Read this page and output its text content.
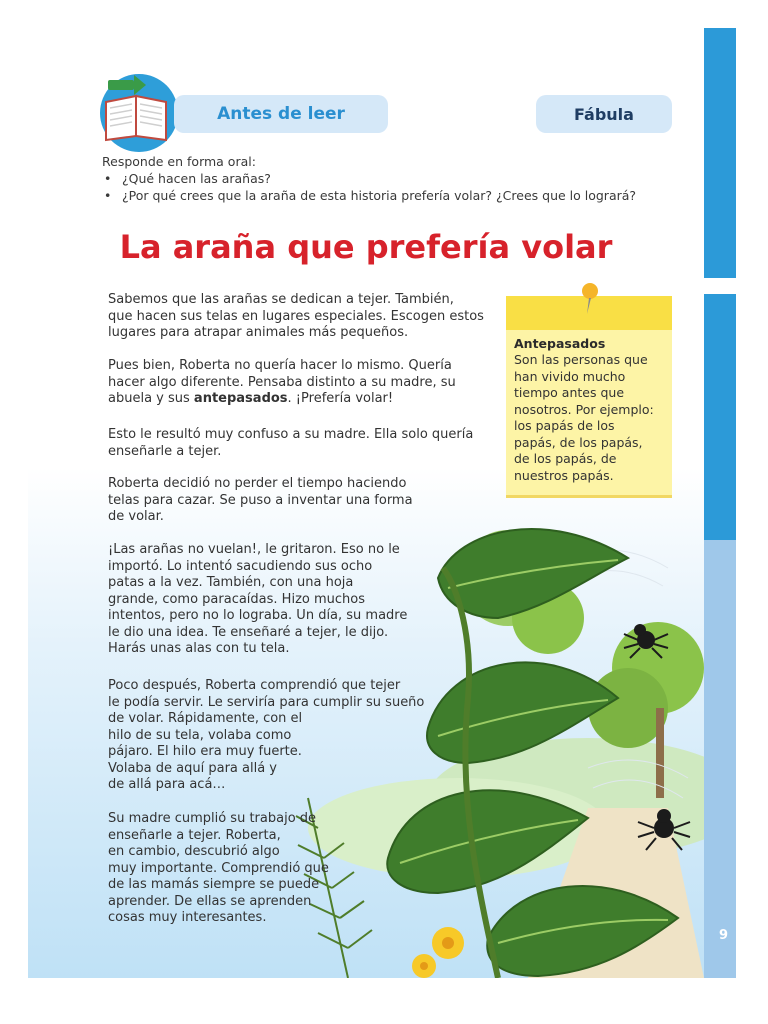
9
Antes de leer	Fábula
Responde en forma oral:
• ¿Qué hacen las arañas?
• ¿Por qué crees que la araña de esta historia prefería volar? ¿Crees que lo logrará?
La araña que prefería volar
Sabemos que las arañas se dedican a tejer. También,
que hacen sus telas en lugares especiales. Escogen estos
lugares para atrapar animales más pequeños.
Pues bien, Roberta no quería hacer lo mismo. Quería
hacer algo diferente. Pensaba distinto a su madre, su
abuela y sus antepasados. ¡Prefería volar!
Esto le resultó muy confuso a su madre. Ella solo quería
enseñarle a tejer.
Roberta decidió no perder el tiempo haciendo
telas para cazar. Se puso a inventar una forma
de volar.
¡Las arañas no vuelan!, le gritaron. Eso no le
importó. Lo intentó sacudiendo sus ocho
patas a la vez. También, con una hoja
grande, como paracaídas. Hizo muchos
intentos, pero no lo lograba. Un día, su madre
le dio una idea. Te enseñaré a tejer, le dijo.
Harás unas alas con tu tela.
Poco después, Roberta comprendió que tejer
le podía servir. Le serviría para cumplir su sueño
de volar. Rápidamente, con el
hilo de su tela, volaba como
pájaro. El hilo era muy fuerte.
Volaba de aquí para allá y
de allá para acá…
Su madre cumplió su trabajo de
enseñarle a tejer. Roberta,
en cambio, descubrió algo
muy importante. Comprendió que
de las mamás siempre se puede
aprender. De ellas se aprenden
cosas muy interesantes.
Antepasados
Son las personas que
han vivido mucho
tiempo antes que
nosotros. Por ejemplo:
los papás de los
papás, de los papás,
de los papás, de
nuestros papás.
